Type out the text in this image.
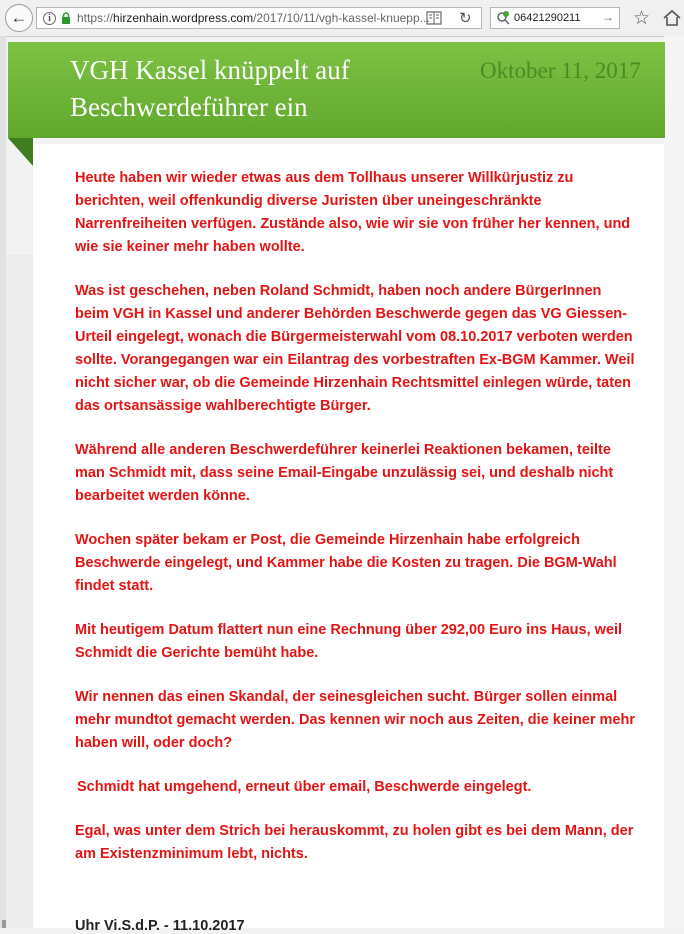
←	i	https://hirzenhain.wordpress.com/2017/10/11/vgh-kassel-knuepp... ↻	06421290211 → ☆
VGH Kassel knüppelt auf Beschwerdeführer ein
Oktober 11, 2017

Heute haben wir wieder etwas aus dem Tollhaus unserer Willkürjustiz zu berichten, weil offenkundig diverse Juristen über uneingeschränkte Narrenfreiheiten verfügen. Zustände also, wie wir sie von früher her kennen, und wie sie keiner mehr haben wollte.

Was ist geschehen, neben Roland Schmidt, haben noch andere BürgerInnen beim VGH in Kassel und anderer Behörden Beschwerde gegen das VG Giessen-Urteil eingelegt, wonach die Bürgermeisterwahl vom 08.10.2017 verboten werden sollte. Vorangegangen war ein Eilantrag des vorbestraften Ex-BGM Kammer. Weil nicht sicher war, ob die Gemeinde Hirzenhain Rechtsmittel einlegen würde, taten das ortsansässige wahlberechtigte Bürger.

Während alle anderen Beschwerdeführer keinerlei Reaktionen bekamen, teilte man Schmidt mit, dass seine Email-Eingabe unzulässig sei, und deshalb nicht bearbeitet werden könne.

Wochen später bekam er Post, die Gemeinde Hirzenhain habe erfolgreich Beschwerde eingelegt, und Kammer habe die Kosten zu tragen. Die BGM-Wahl findet statt.

Mit heutigem Datum flattert nun eine Rechnung über 292,00 Euro ins Haus, weil Schmidt die Gerichte bemüht habe.

Wir nennen das einen Skandal, der seinesgleichen sucht. Bürger sollen einmal mehr mundtot gemacht werden. Das kennen wir noch aus Zeiten, die keiner mehr haben will, oder doch?

Schmidt hat umgehend, erneut über email, Beschwerde eingelegt.

Egal, was unter dem Strich bei herauskommt, zu holen gibt es bei dem Mann, der am Existenzminimum lebt, nichts.

Uhr Vi.S.d.P. - 11.10.2017
